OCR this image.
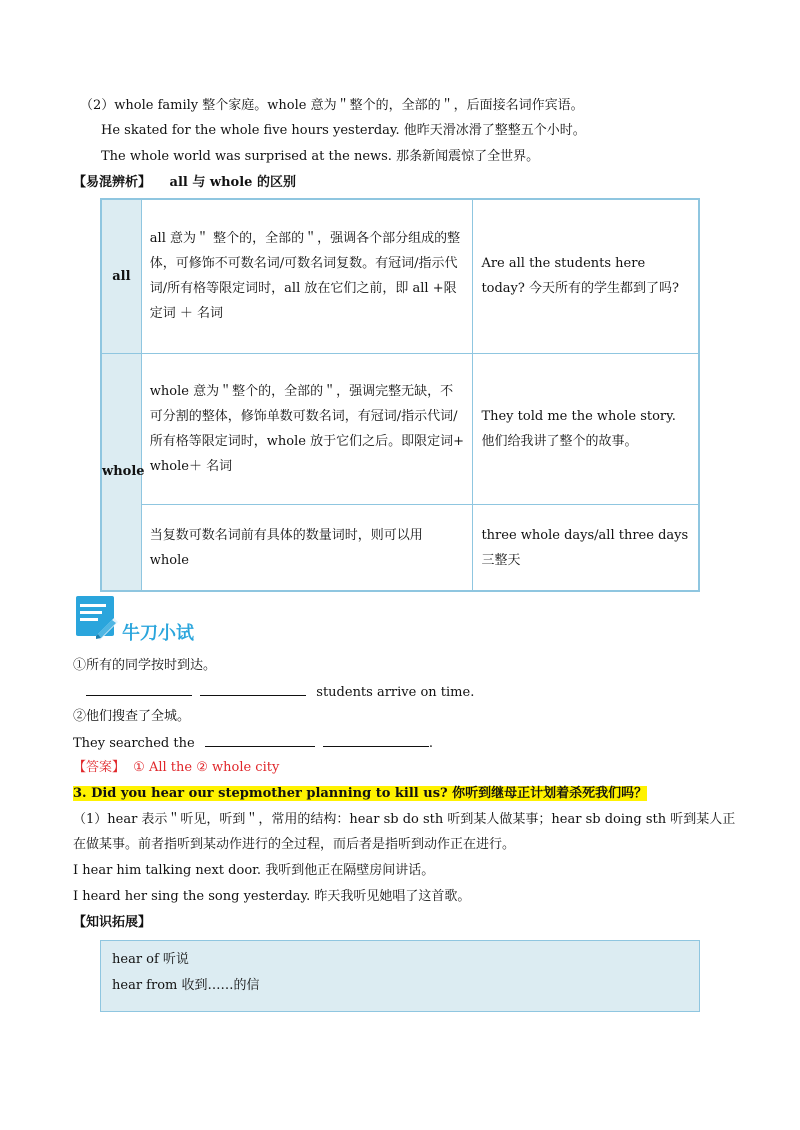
（2）whole family 整个家庭。whole 意为＂整个的，全部的＂，后面接名词作宾语。
He skated for the whole five hours yesterday. 他昨天滑冰滑了整整五个小时。
The whole world was surprised at the news. 那条新闻震惊了全世界。
【易混辨析】 all 与 whole 的区别
all	all 意为＂ 整个的，全部的＂，强调各个部分组成的整体，可修饰不可数名词/可数名词复数。有冠词/指示代词/所有格等限定词时，all 放在它们之前，即 all +限定词 ＋ 名词	Are all the students here today? 今天所有的学生都到了吗?
whole	whole 意为＂整个的，全部的＂，强调完整无缺，不可分割的整体，修饰单数可数名词，有冠词/指示代词/所有格等限定词时，whole 放于它们之后。即限定词+ whole＋ 名词	They told me the whole story. 他们给我讲了整个的故事。
	当复数可数名词前有具体的数量词时，则可以用 whole	three whole days/all three days 三整天
牛刀小试
①所有的同学按时到达。
students arrive on time.
②他们搜查了全城。
They searched the	.
【答案】 ① All the ② whole city
3. Did you hear our stepmother planning to kill us? 你听到继母正计划着杀死我们吗？
（1）hear 表示＂听见，听到＂，常用的结构：hear sb do sth 听到某人做某事；hear sb doing sth 听到某人正
在做某事。前者指听到某动作进行的全过程，而后者是指听到动作正在进行。
I hear him talking next door. 我听到他正在隔壁房间讲话。
I heard her sing the song yesterday. 昨天我听见她唱了这首歌。
【知识拓展】
hear of 听说
hear from 收到……的信
